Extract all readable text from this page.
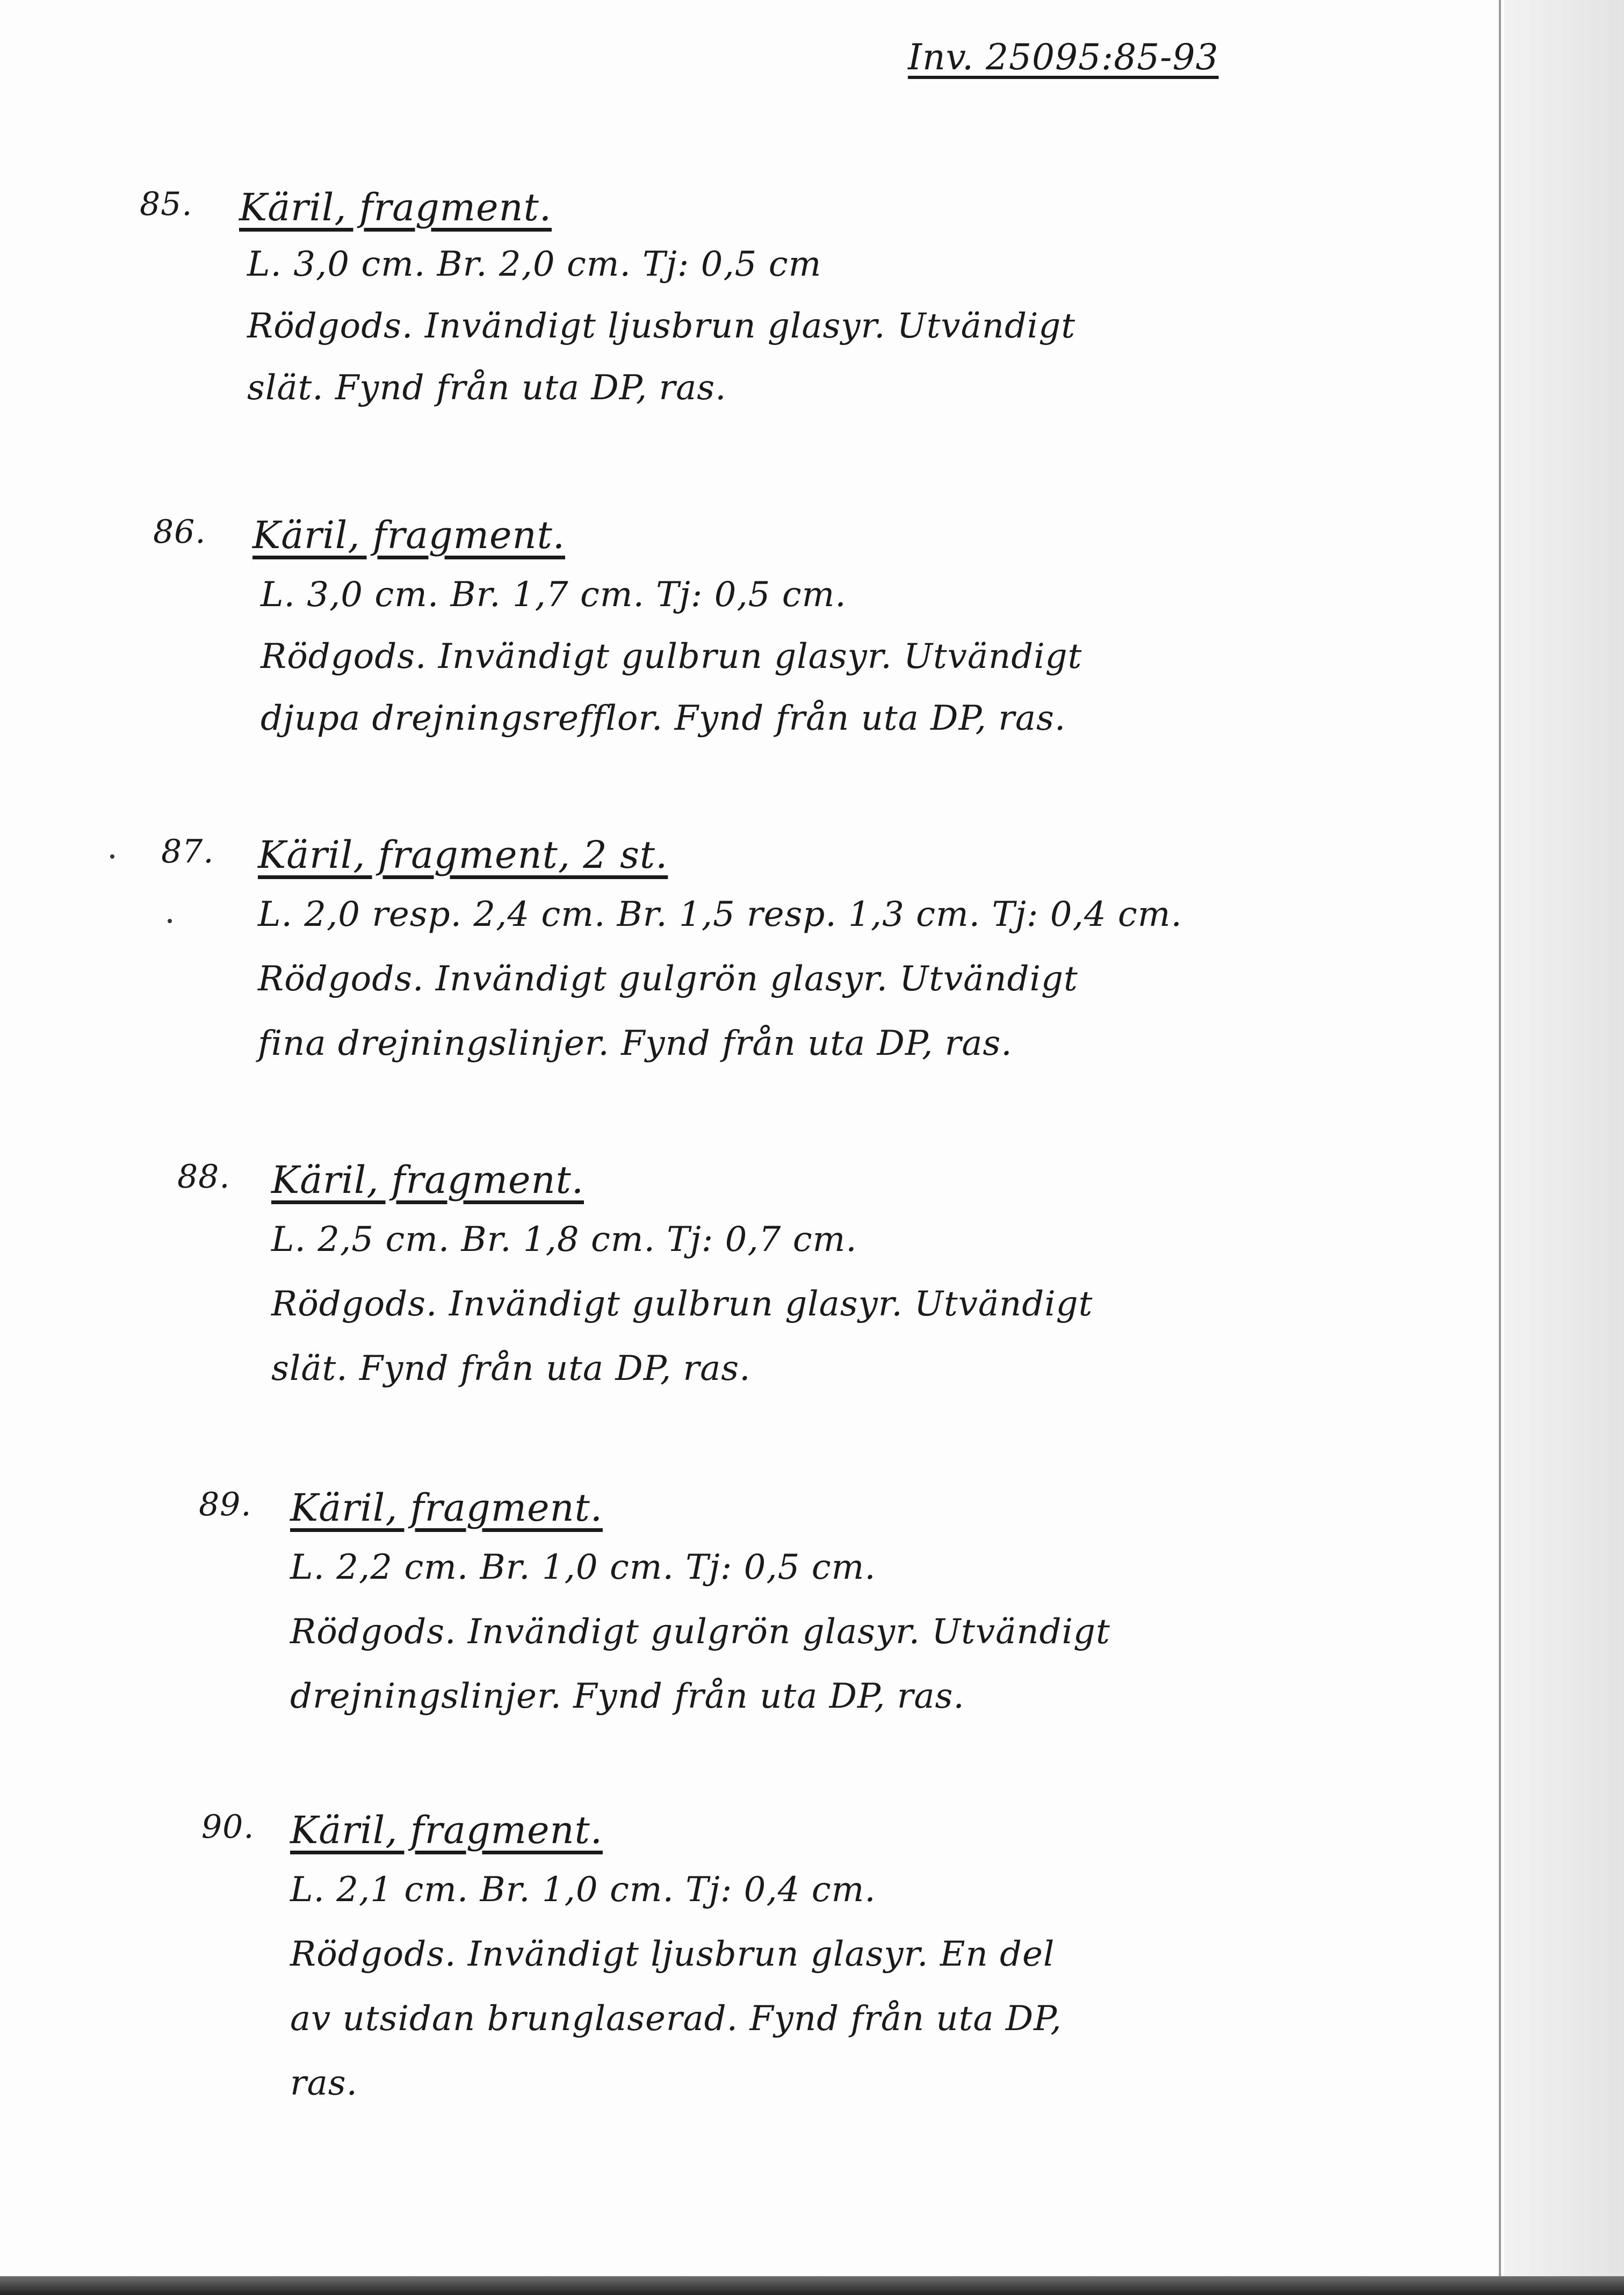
Inv. 25095:85-93
85. Käril, fragment.
L. 3,0 cm. Br. 2,0 cm. Tj: 0,5 cm
Rödgods. Invändigt ljusbrun glasyr. Utvändigt
slät. Fynd från uta DP, ras.
86. Käril, fragment.
L. 3,0 cm. Br. 1,7 cm. Tj: 0,5 cm.
Rödgods. Invändigt gulbrun glasyr. Utvändigt
djupa drejningsrefflor. Fynd från uta DP, ras.
87. Käril, fragment, 2 st.
L. 2,0 resp. 2,4 cm. Br. 1,5 resp. 1,3 cm. Tj: 0,4 cm.
Rödgods. Invändigt gulgrön glasyr. Utvändigt
fina drejningslinjer. Fynd från uta DP, ras.
88. Käril, fragment.
L. 2,5 cm. Br. 1,8 cm. Tj: 0,7 cm.
Rödgods. Invändigt gulbrun glasyr. Utvändigt
slät. Fynd från uta DP, ras.
89. Käril, fragment.
L. 2,2 cm. Br. 1,0 cm. Tj: 0,5 cm.
Rödgods. Invändigt gulgrön glasyr. Utvändigt
drejningslinjer. Fynd från uta DP, ras.
90. Käril, fragment.
L. 2,1 cm. Br. 1,0 cm. Tj: 0,4 cm.
Rödgods. Invändigt ljusbrun glasyr. En del
av utsidan brunglaserad. Fynd från uta DP,
ras.
